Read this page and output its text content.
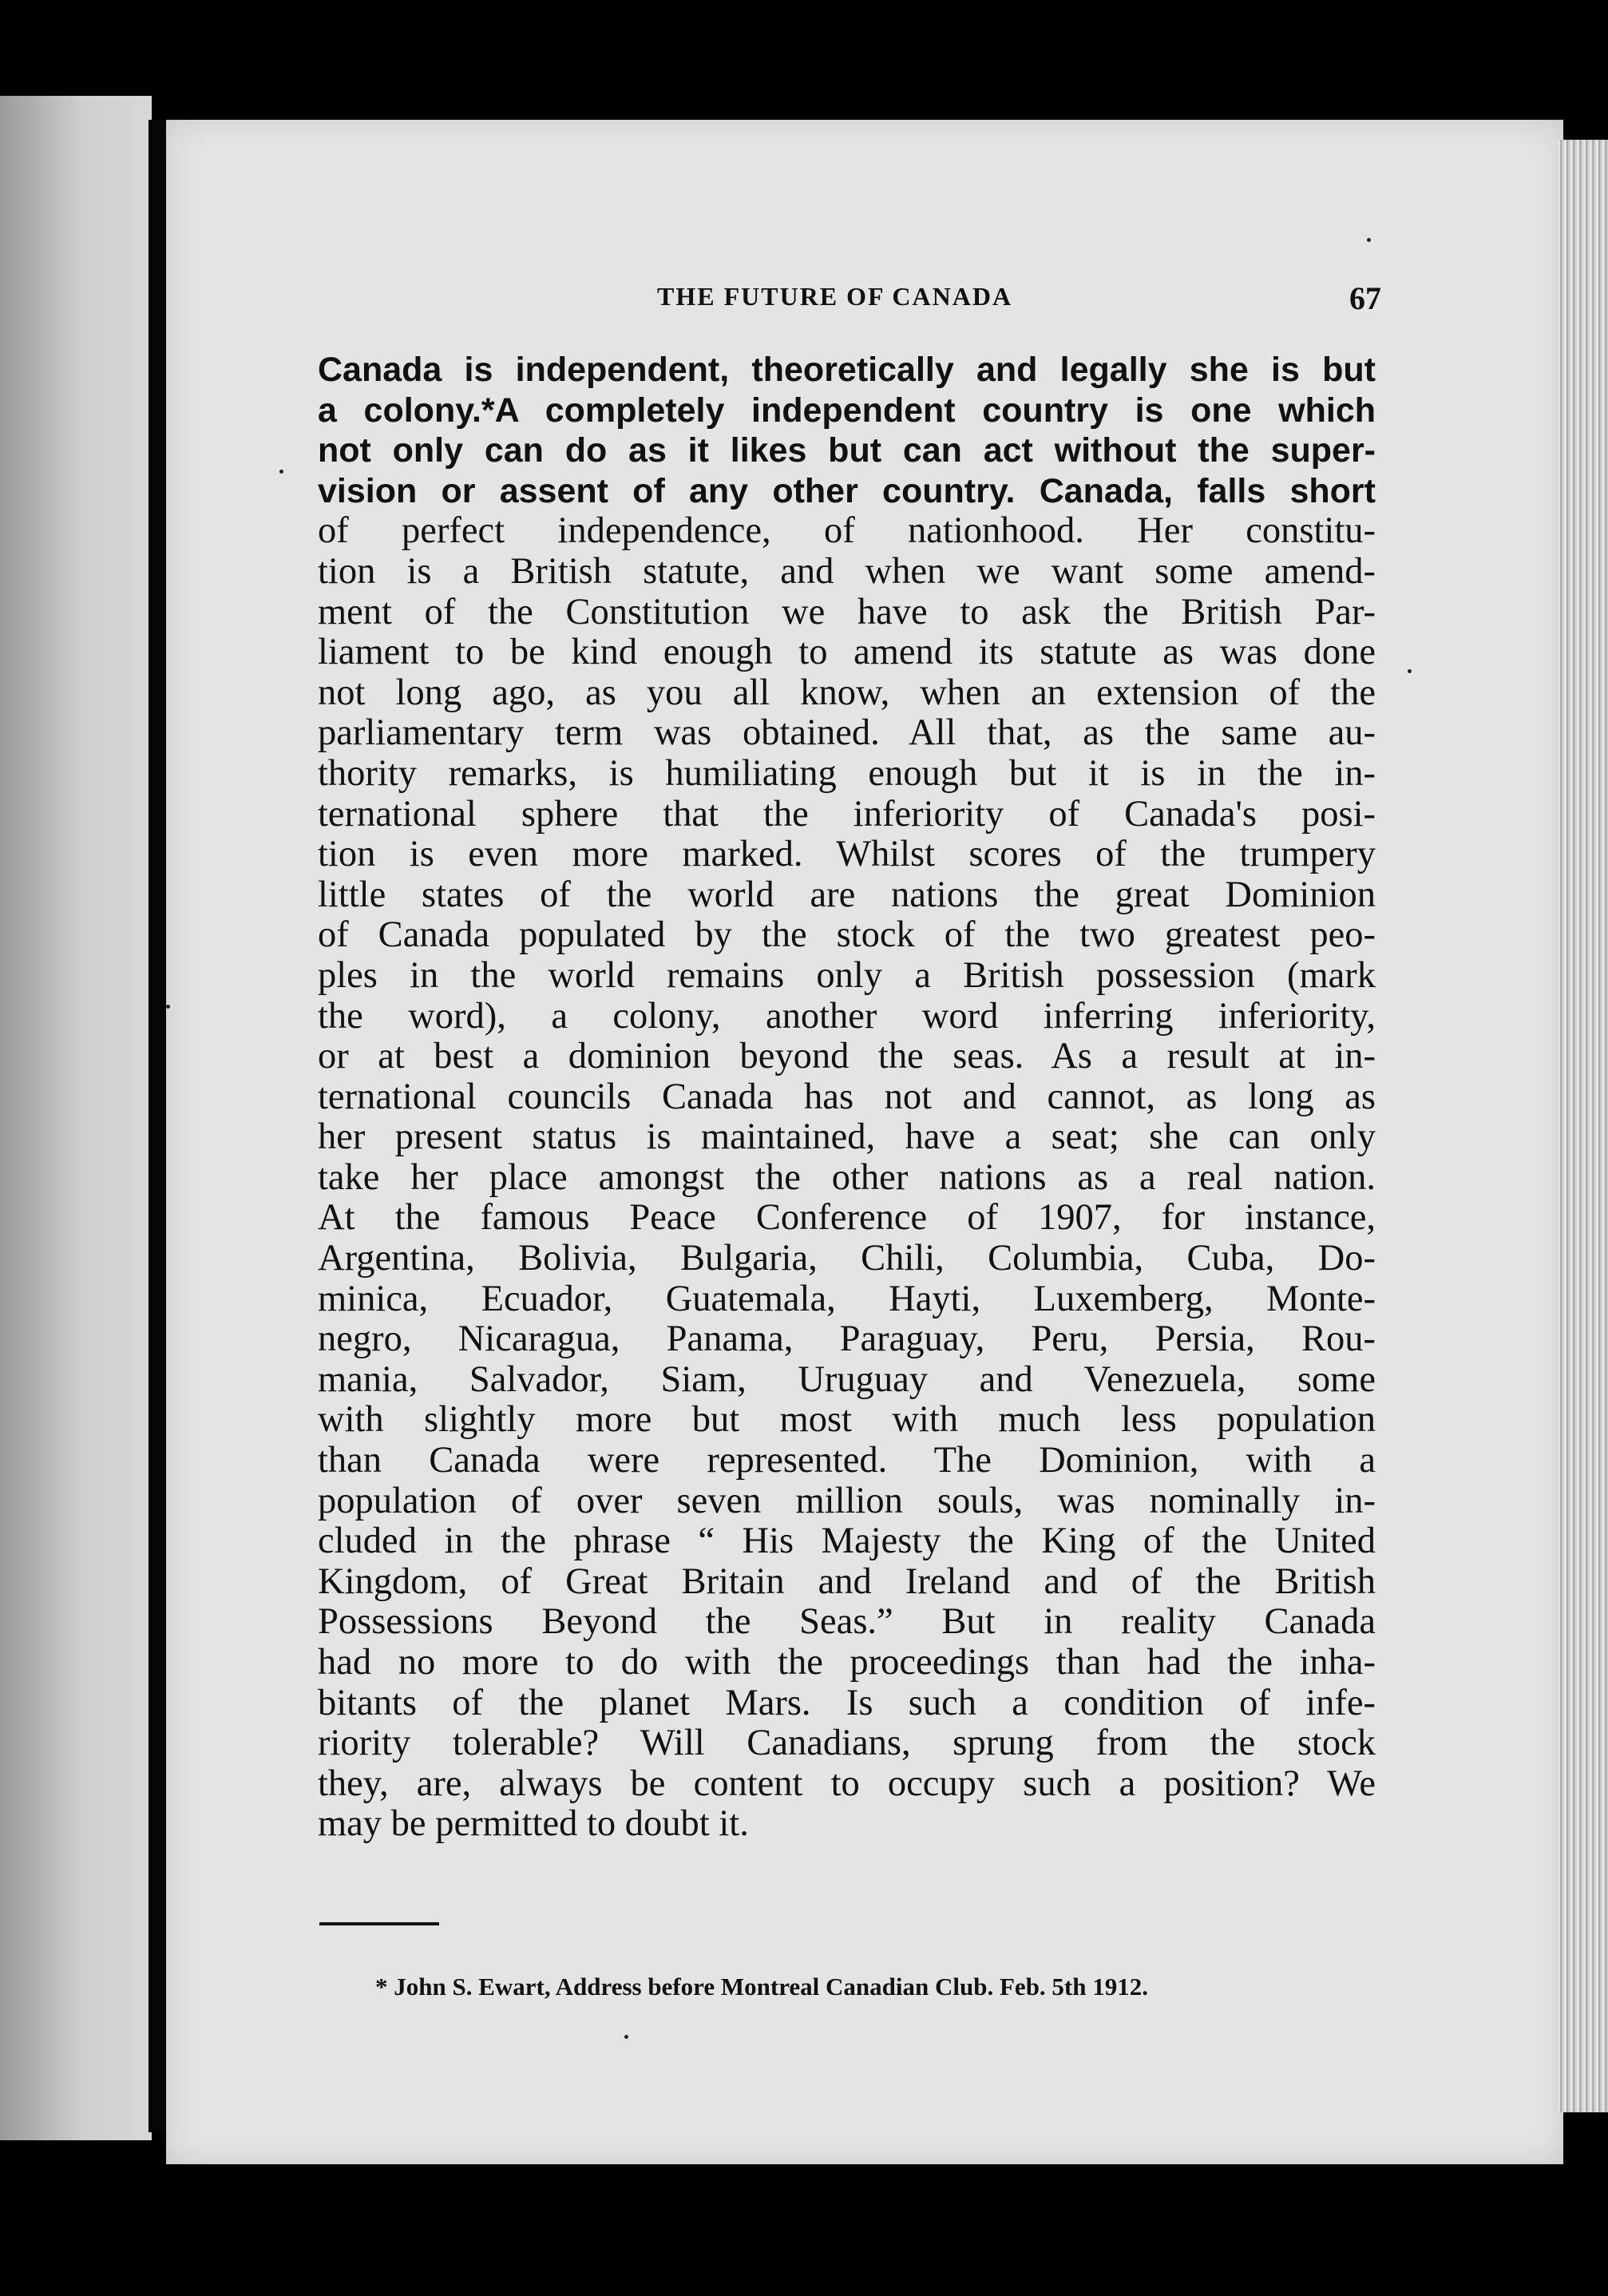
THE FUTURE OF CANADA	67
Canada is independent, theoretically and legally she is but
a colony.*A completely independent country is one which
not only can do as it likes but can act without the super-
vision or assent of any other country. Canada, falls short
of perfect independence, of nationhood. Her constitu-
tion is a British statute, and when we want some amend-
ment of the Constitution we have to ask the British Par-
liament to be kind enough to amend its statute as was done
not long ago, as you all know, when an extension of the
parliamentary term was obtained. All that, as the same au-
thority remarks, is humiliating enough but it is in the in-
ternational sphere that the inferiority of Canada's posi-
tion is even more marked. Whilst scores of the trumpery
little states of the world are nations the great Dominion
of Canada populated by the stock of the two greatest peo-
ples in the world remains only a British possession (mark
the word), a colony, another word inferring inferiority,
or at best a dominion beyond the seas. As a result at in-
ternational councils Canada has not and cannot, as long as
her present status is maintained, have a seat; she can only
take her place amongst the other nations as a real nation.
At the famous Peace Conference of 1907, for instance,
Argentina, Bolivia, Bulgaria, Chili, Columbia, Cuba, Do-
minica, Ecuador, Guatemala, Hayti, Luxemberg, Monte-
negro, Nicaragua, Panama, Paraguay, Peru, Persia, Rou-
mania, Salvador, Siam, Uruguay and Venezuela, some
with slightly more but most with much less population
than Canada were represented. The Dominion, with a
population of over seven million souls, was nominally in-
cluded in the phrase “ His Majesty the King of the United
Kingdom, of Great Britain and Ireland and of the British
Possessions Beyond the Seas.” But in reality Canada
had no more to do with the proceedings than had the inha-
bitants of the planet Mars. Is such a condition of infe-
riority tolerable? Will Canadians, sprung from the stock
they, are, always be content to occupy such a position? We
may be permitted to doubt it.
* John S. Ewart, Address before Montreal Canadian Club. Feb. 5th 1912.
